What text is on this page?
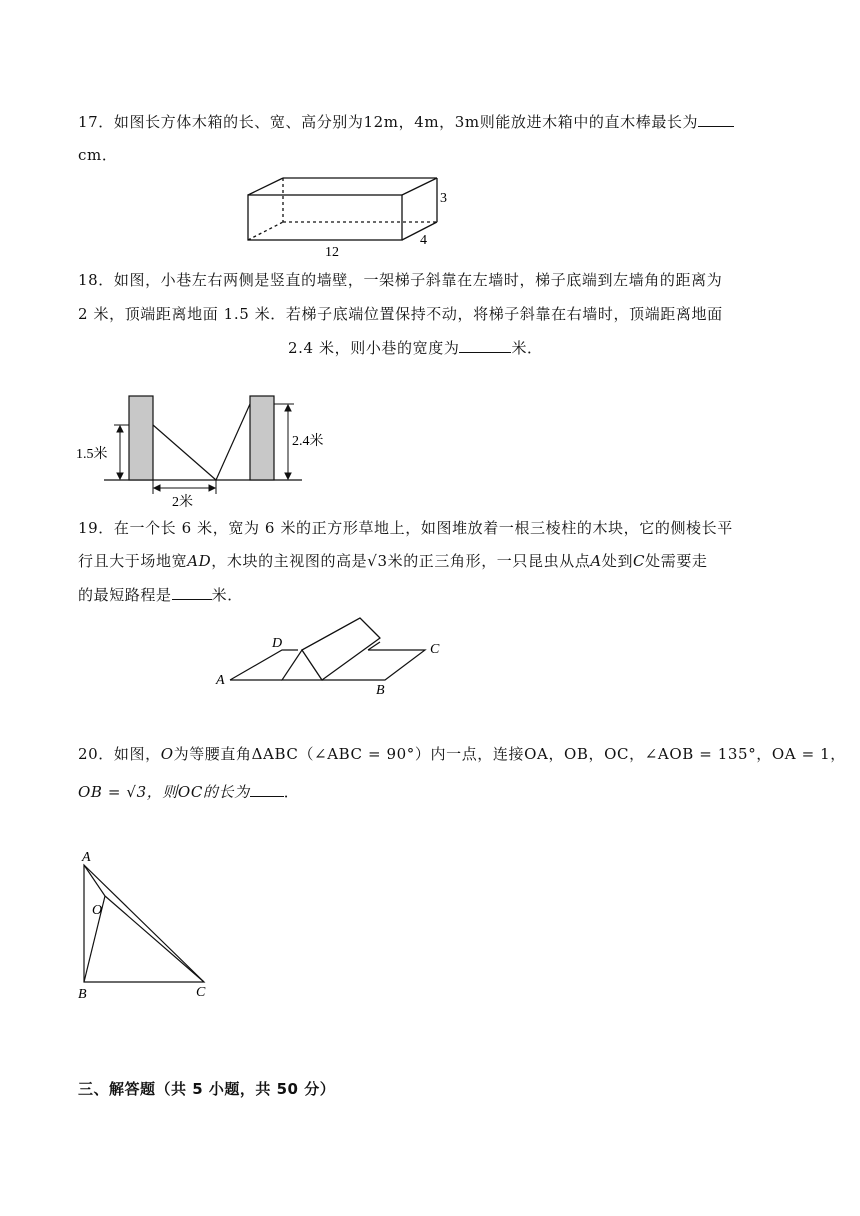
17．如图长方体木箱的长、宽、高分别为12m，4m，3m则能放进木箱中的直木棒最长为
cm．
3
4
12
18．如图，小巷左右两侧是竖直的墙壁，一架梯子斜靠在左墙时，梯子底端到左墙角的距离为
2 米，顶端距离地面 1.5 米．若梯子底端位置保持不动，将梯子斜靠在右墙时，顶端距离地面
2.4 米，则小巷的宽度为	米．
1.5米
2.4米
2米
19．在一个长 6 米，宽为 6 米的正方形草地上，如图堆放着一根三棱柱的木块，它的侧棱长平
行且大于场地宽AD，木块的主视图的高是√3米的正三角形，一只昆虫从点A处到C处需要走
的最短路程是	米．
A
D	C
B
20．如图，O为等腰直角ΔABC（∠ABC = 90°）内一点，连接OA，OB，OC，∠AOB = 135°，OA = 1，
OB = √3，则OC的长为 ．
A
O
B	C
三、解答题（共 5 小题，共 50 分）
